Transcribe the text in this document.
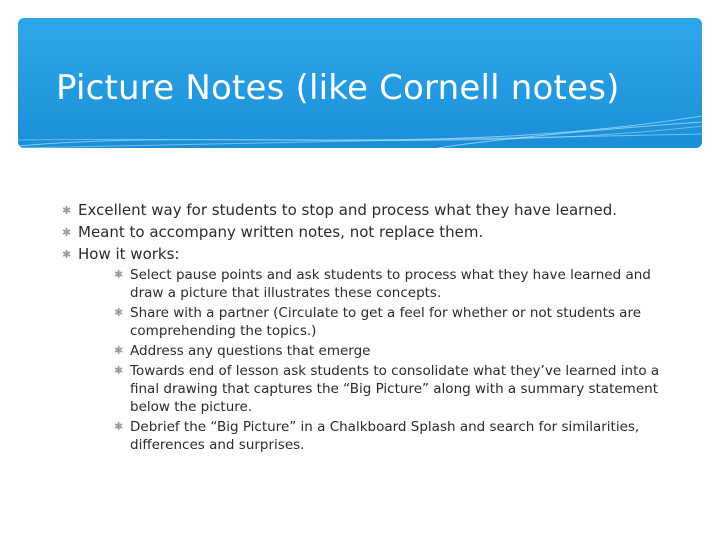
Picture Notes (like Cornell notes)
✱ Excellent way for students to stop and process what they have learned.
✱ Meant to accompany written notes, not replace them.
✱ How it works:
✱ Select pause points and ask students to process what they have learned and draw a picture that illustrates these concepts.
✱ Share with a partner (Circulate to get a feel for whether or not students are comprehending the topics.)
✱ Address any questions that emerge
✱ Towards end of lesson ask students to consolidate what they’ve learned into a final drawing that captures the “Big Picture” along with a summary statement below the picture.
✱ Debrief the “Big Picture” in a Chalkboard Splash and search for similarities, differences and surprises.
